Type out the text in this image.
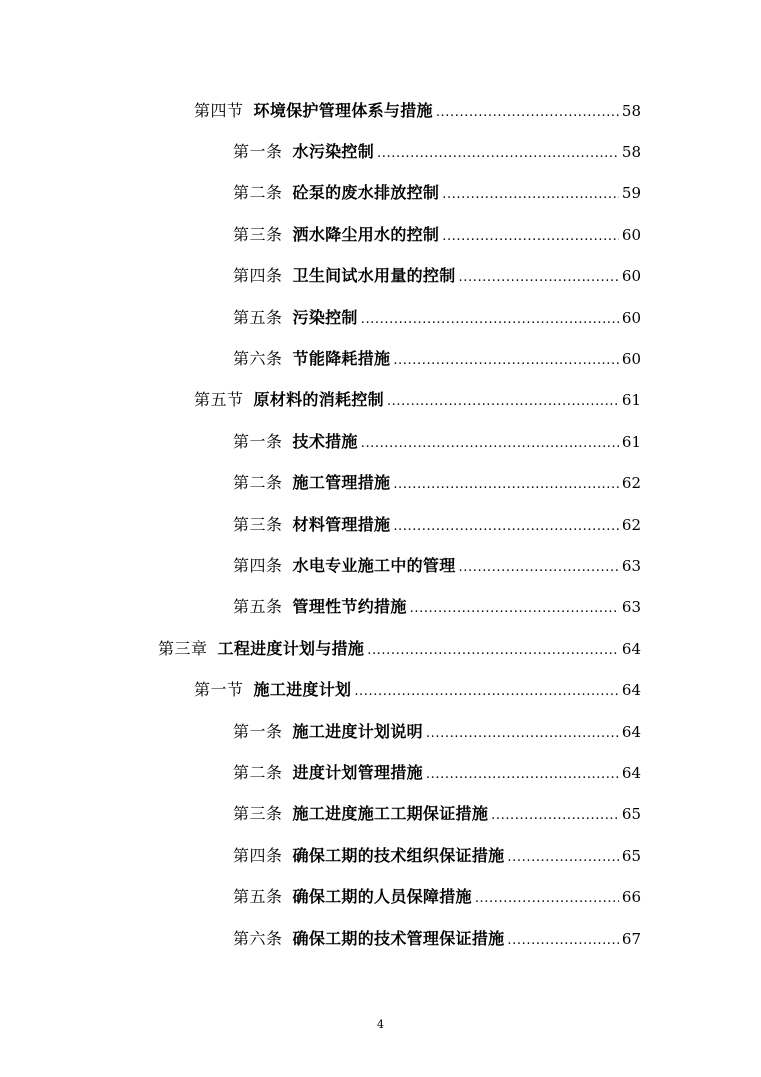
第四节 环境保护管理体系与措施 .....	58
第一条 水污染控制 .....	58
第二条 砼泵的废水排放控制 .....	59
第三条 洒水降尘用水的控制 .....	60
第四条 卫生间试水用量的控制 .....	60
第五条 污染控制 .....	60
第六条 节能降耗措施 .....	60
第五节 原材料的消耗控制 .....	61
第一条 技术措施 .....	61
第二条 施工管理措施 .....	62
第三条 材料管理措施 .....	62
第四条 水电专业施工中的管理 .....	63
第五条 管理性节约措施 .....	63
第三章 工程进度计划与措施 .....	64
第一节 施工进度计划 .....	64
第一条 施工进度计划说明 .....	64
第二条 进度计划管理措施 .....	64
第三条 施工进度施工工期保证措施 .....	65
第四条 确保工期的技术组织保证措施 .....	65
第五条 确保工期的人员保障措施 .....	66
第六条 确保工期的技术管理保证措施 .....	67
4
